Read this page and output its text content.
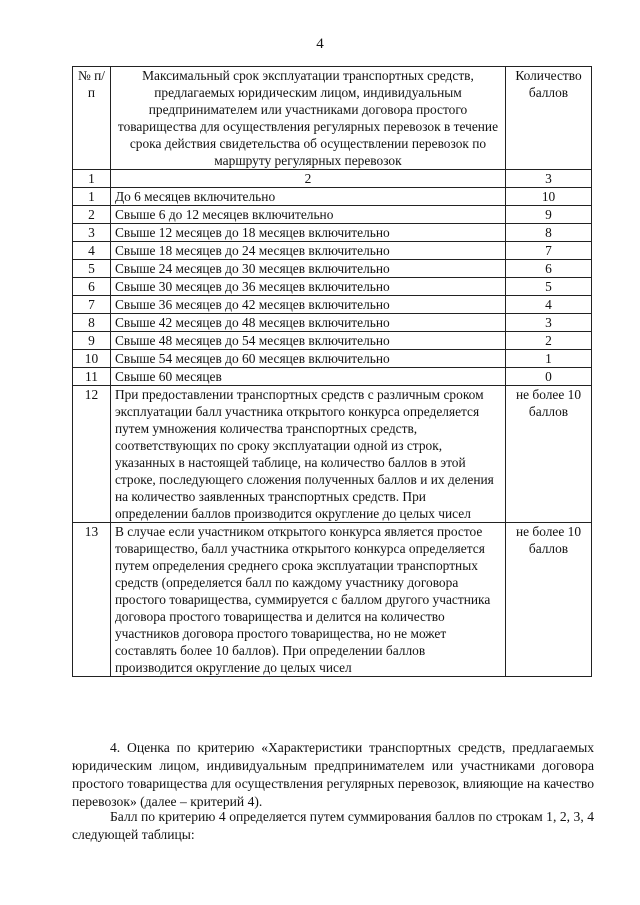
4
№ п/п	Максимальный срок эксплуатации транспортных средств, предлагаемых юридическим лицом, индивидуальным предпринимателем или участниками договора простого товарищества для осуществления регулярных перевозок в течение срока действия свидетельства об осуществлении перевозок по маршруту регулярных перевозок	Количество баллов
1	2	3
1	До 6 месяцев включительно	10
2	Свыше 6 до 12 месяцев включительно	9
3	Свыше 12 месяцев до 18 месяцев включительно	8
4	Свыше 18 месяцев до 24 месяцев включительно	7
5	Свыше 24 месяцев до 30 месяцев включительно	6
6	Свыше 30 месяцев до 36 месяцев включительно	5
7	Свыше 36 месяцев до 42 месяцев включительно	4
8	Свыше 42 месяцев до 48 месяцев включительно	3
9	Свыше 48 месяцев до 54 месяцев включительно	2
10	Свыше 54 месяцев до 60 месяцев включительно	1
11	Свыше 60 месяцев	0
12	При предоставлении транспортных средств с различным сроком эксплуатации балл участника открытого конкурса определяется путем умножения количества транспортных средств, соответствующих по сроку эксплуатации одной из строк, указанных в настоящей таблице, на количество баллов в этой строке, последующего сложения полученных баллов и их деления на количество заявленных транспортных средств. При определении баллов производится округление до целых чисел	не более 10 баллов
13	В случае если участником открытого конкурса является простое товарищество, балл участника открытого конкурса определяется путем определения среднего срока эксплуатации транспортных средств (определяется балл по каждому участнику договора простого товарищества, суммируется с баллом другого участника договора простого товарищества и делится на количество участников договора простого товарищества, но не может составлять более 10 баллов). При определении баллов производится округление до целых чисел	не более 10 баллов

4. Оценка по критерию «Характеристики транспортных средств, предлагаемых юридическим лицом, индивидуальным предпринимателем или участниками договора простого товарищества для осуществления регулярных перевозок, влияющие на качество перевозок» (далее – критерий 4).

Балл по критерию 4 определяется путем суммирования баллов по строкам 1, 2, 3, 4 следующей таблицы:
